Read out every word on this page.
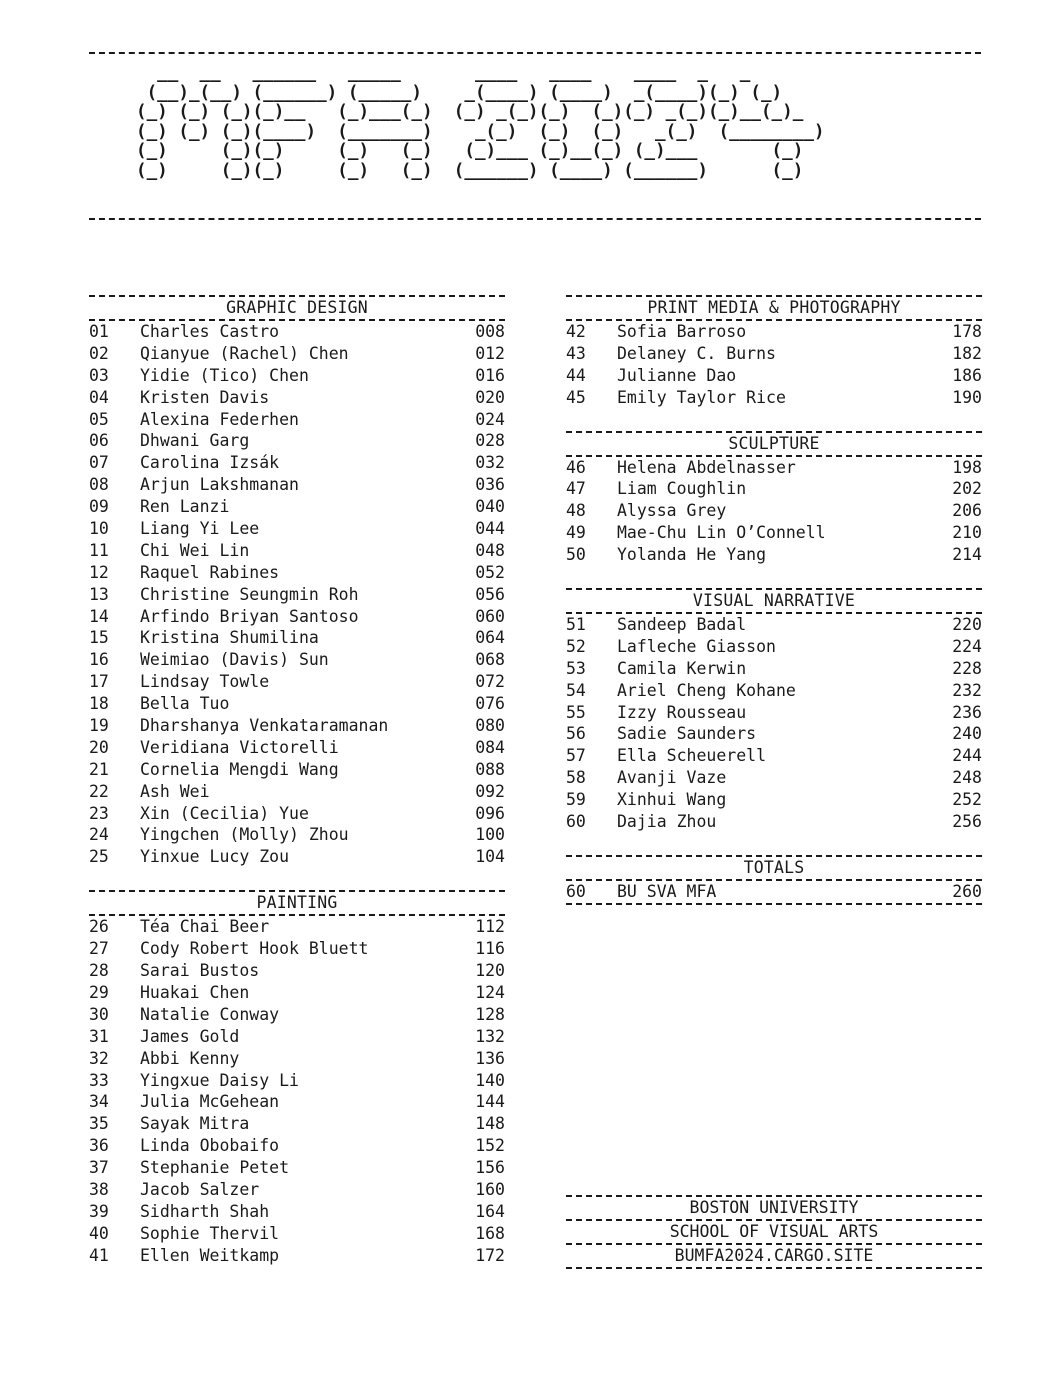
__  __   ______   _____       ____   ____    ____  _   _
(__)_(__) (______) (_____)    _(____) (____)  _(____)(_) (_)
(_) (_) (_)(_)__   (_)___(_)  (_) _(_)(_)  (_)(_) _(_)(_)__(_)_
(_) (_) (_)(____)  (_______)    _(_)  (_)  (_)   _(_)  (________)
(_)     (_)(_)     (_)   (_)   (_)___ (_)__(_) (_)___       (_)
(_)     (_)(_)     (_)   (_)  (______) (____) (______)      (_)
GRAPHIC DESIGN
01	Charles Castro	008
02	Qianyue (Rachel) Chen	012
03	Yidie (Tico) Chen	016
04	Kristen Davis	020
05	Alexina Federhen	024
06	Dhwani Garg	028
07	Carolina Izsák	032
08	Arjun Lakshmanan	036
09	Ren Lanzi	040
10	Liang Yi Lee	044
11	Chi Wei Lin	048
12	Raquel Rabines	052
13	Christine Seungmin Roh	056
14	Arfindo Briyan Santoso	060
15	Kristina Shumilina	064
16	Weimiao (Davis) Sun	068
17	Lindsay Towle	072
18	Bella Tuo	076
19	Dharshanya Venkataramanan	080
20	Veridiana Victorelli	084
21	Cornelia Mengdi Wang	088
22	Ash Wei	092
23	Xin (Cecilia) Yue	096
24	Yingchen (Molly) Zhou	100
25	Yinxue Lucy Zou	104
PAINTING
26	Téa Chai Beer	112
27	Cody Robert Hook Bluett	116
28	Sarai Bustos	120
29	Huakai Chen	124
30	Natalie Conway	128
31	James Gold	132
32	Abbi Kenny	136
33	Yingxue Daisy Li	140
34	Julia McGehean	144
35	Sayak Mitra	148
36	Linda Obobaifo	152
37	Stephanie Petet	156
38	Jacob Salzer	160
39	Sidharth Shah	164
40	Sophie Thervil	168
41	Ellen Weitkamp	172
PRINT MEDIA & PHOTOGRAPHY
42	Sofia Barroso	178
43	Delaney C. Burns	182
44	Julianne Dao	186
45	Emily Taylor Rice	190
SCULPTURE
46	Helena Abdelnasser	198
47	Liam Coughlin	202
48	Alyssa Grey	206
49	Mae-Chu Lin O’Connell	210
50	Yolanda He Yang	214
VISUAL NARRATIVE
51	Sandeep Badal	220
52	Lafleche Giasson	224
53	Camila Kerwin	228
54	Ariel Cheng Kohane	232
55	Izzy Rousseau	236
56	Sadie Saunders	240
57	Ella Scheuerell	244
58	Avanji Vaze	248
59	Xinhui Wang	252
60	Dajia Zhou	256
TOTALS
60	BU SVA MFA	260
BOSTON UNIVERSITY
SCHOOL OF VISUAL ARTS
BUMFA2024.CARGO.SITE
